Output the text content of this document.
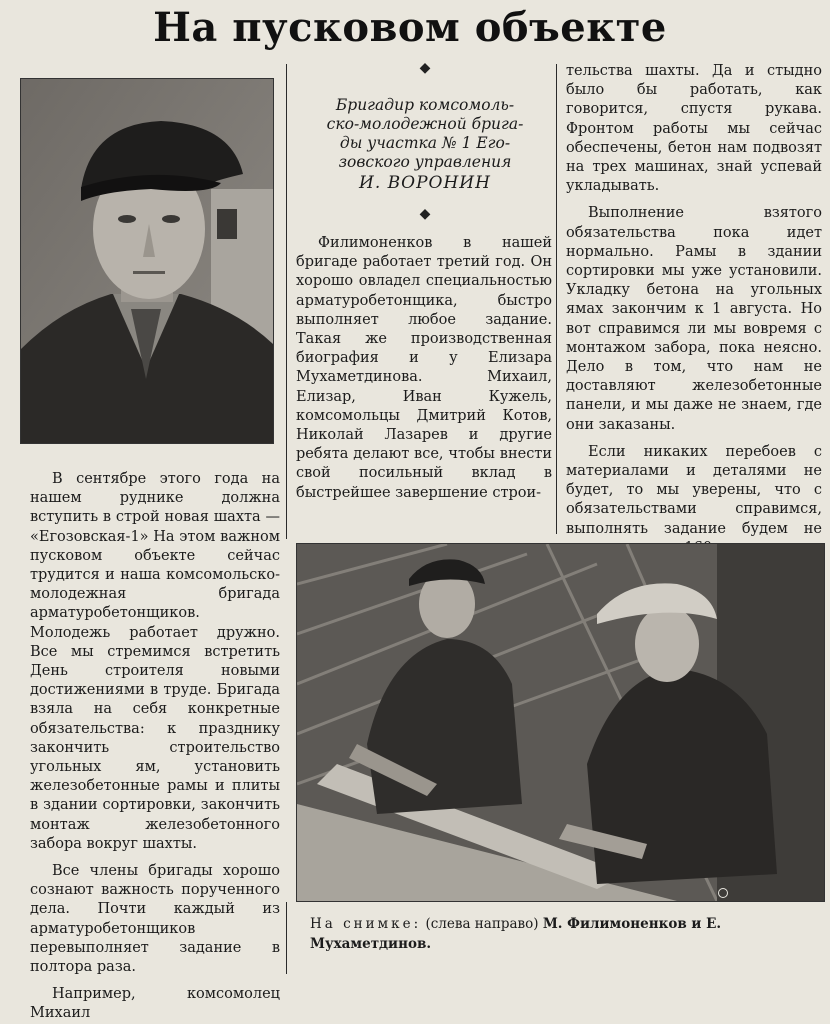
На пусковом объекте
◆
Бригадир комсомоль-
ско-молодежной брига-
ды участка № 1 Его-
зовского управления
И. ВОРОНИН
◆

В сентябре этого года на нашем руднике должна вступить в строй новая шахта — «Егозовская-1» На этом важном пусковом объекте сейчас трудится и наша комсомольско-молодежная бригада арматуробетонщиков. Молодежь работает дружно. Все мы стремимся встретить День строителя новыми достижениями в труде. Бригада взяла на себя конкретные обязательства: к празднику закончить строительство угольных ям, установить железобетонные рамы и плиты в здании сортировки, закончить монтаж железобетонного забора вокруг шахты.

Все члены бригады хорошо сознают важность порученного дела. Почти каждый из арматуробетонщиков перевыполняет задание в полтора раза.

Например, комсомолец Михаил

Филимоненков в нашей бригаде работает третий год. Он хорошо овладел специальностью арматуробетонщика, быстро выполняет любое задание. Такая же производственная биография и у Елизара Мухаметдинова. Михаил, Елизар, Иван Кужель, комсомольцы Дмитрий Котов, Николай Лазарев и другие ребята делают все, чтобы внести свой посильный вклад в быстрейшее завершение строи-

тельства шахты. Да и стыдно было бы работать, как говорится, спустя рукава. Фронтом работы мы сейчас обеспечены, бетон нам подвозят на трех машинах, знай успевай укладывать.

Выполнение взятого обязательства пока идет нормально. Рамы в здании сортировки мы уже установили. Укладку бетона на угольных ямах закончим к 1 августа. Но вот справимся ли мы вовремя с монтажом забора, пока неясно. Дело в том, что нам не доставляют железобетонные панели, и мы даже не знаем, где они заказаны.

Если никаких перебоев с материалами и деталями не будет, то мы уверены, что с обязательствами справимся, выполнять задание будем не

На снимке: (слева направо) М. Филимоненков и Е. Мухаметдинов.
